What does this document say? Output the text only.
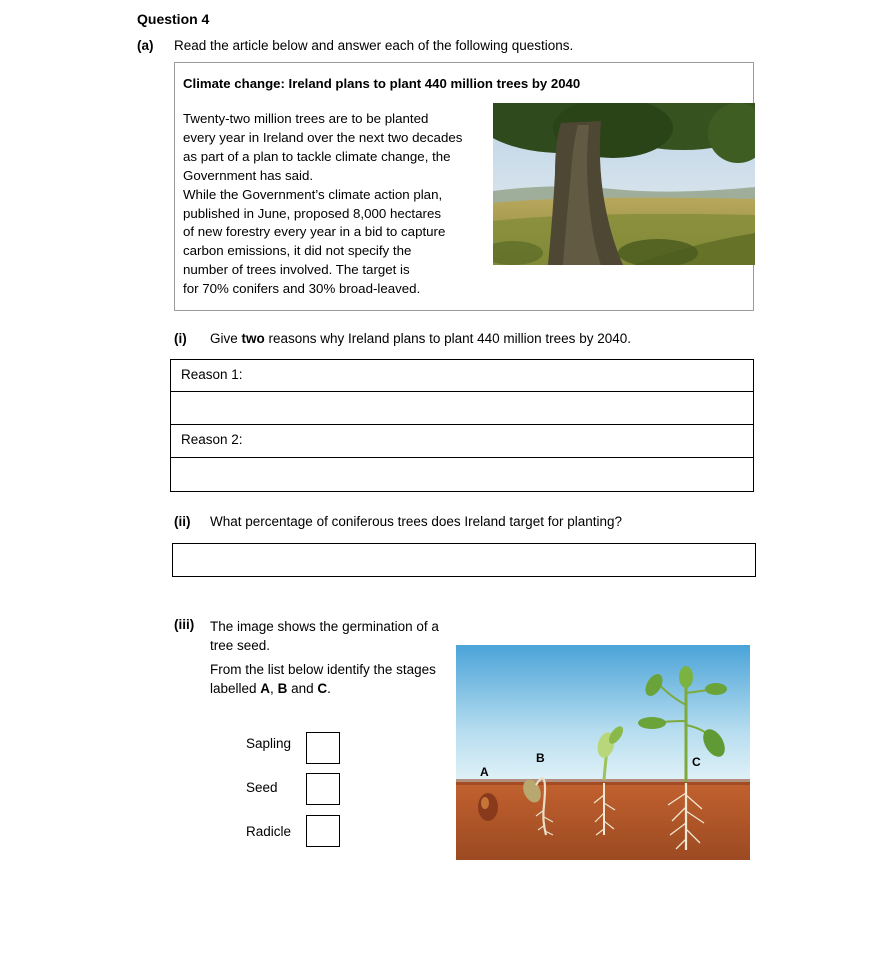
Question 4
(a) Read the article below and answer each of the following questions.
Climate change: Ireland plans to plant 440 million trees by 2040
Twenty-two million trees are to be planted
every year in Ireland over the next two decades
as part of a plan to tackle climate change, the
Government has said.
While the Government’s climate action plan,
published in June, proposed 8,000 hectares
of new forestry every year in a bid to capture
carbon emissions, it did not specify the
number of trees involved. The target is
for 70% conifers and 30% broad-leaved.
(i) Give two reasons why Ireland plans to plant 440 million trees by 2040.
Reason 1:
Reason 2:
(ii) What percentage of coniferous trees does Ireland target for planting?
(iii) The image shows the germination of a tree seed.
From the list below identify the stages labelled A, B and C.
Sapling
Seed
Radicle
A
B	C
